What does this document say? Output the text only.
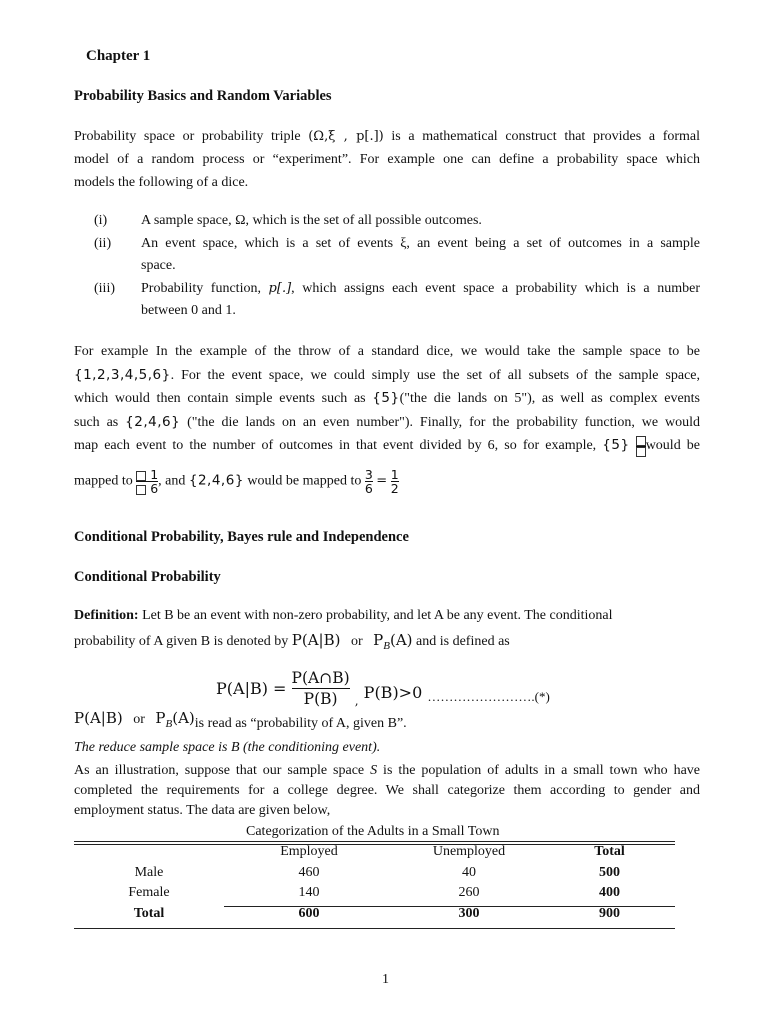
Chapter 1
Probability Basics and Random Variables
Probability space or probability triple (Ω,ξ , p[.]) is a mathematical construct that provides a formal
model of a random process or “experiment”. For example one can define a probability space which
models the following of a dice.
(i)	A sample space, Ω, which is the set of all possible outcomes.
(ii)	An event space, which is a set of events ξ, an event being a set of outcomes in a sample
space.
(iii)	Probability function, p[.], which assigns each event space a probability which is a number
between 0 and 1.
For example In the example of the throw of a standard dice, we would take the sample space to be
{1,2,3,4,5,6}. For the event space, we could simply use the set of all subsets of the sample space,
which would then contain simple events such as {5}("the die lands on 5"), as well as complex events
such as {2,4,6} ("the die lands on an even number"). Finally, for the probability function, we would
map each event to the number of outcomes in that event divided by 6, so for example, {5} would be
mapped to $\frac{1}{6}$ , and {2,4,6} would be mapped to $\frac{3}{6} = \frac{1}{2}$
Conditional Probability, Bayes rule and Independence
Conditional Probability
Definition: Let B be an event with non-zero probability, and let A be any event. The conditional
probability of A given B is denoted by P(A|B) or $P_B(A)$ and is defined as
$P(A|B) = \frac{P(A\cap B)}{P(B)} _,$ P(B)>0 $_{\dots\dots\dots\dots\dots\dots\dots\dots.(*)}$
P(A|B) or $P_B(A)is$ read as “probability of A, given B”.
The reduce sample space is B (the conditioning event).
As an illustration, suppose that our sample space S is the population of adults in a small town who have
completed the requirements for a college degree. We shall categorize them according to gender and
employment status. The data are given below,
Categorization of the Adults in a Small Town
	Employed	Unemployed	Total
Male	460	40	500
Female	140	260	400
Total	600	300	900
1
